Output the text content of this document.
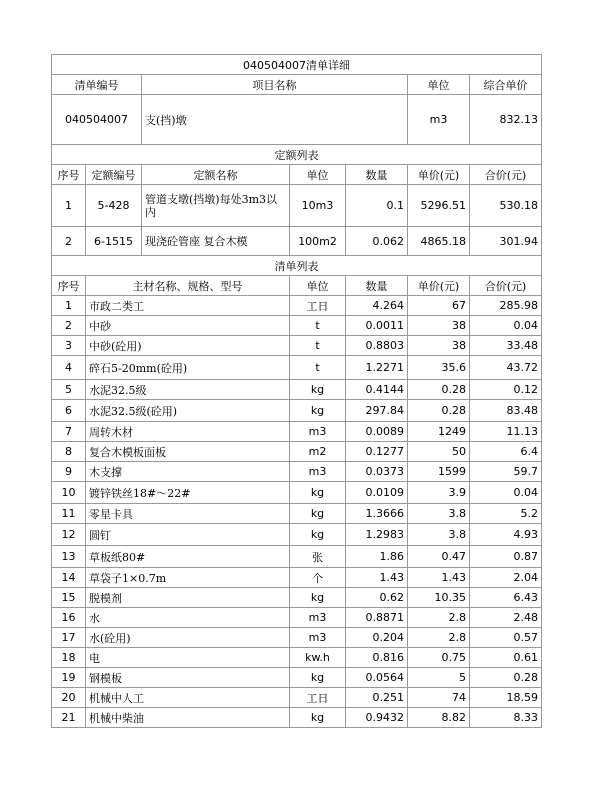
040504007清单详细						
清单编号		项目名称			单位	综合单价
040504007		支(挡)墩			m3	832.13
定额列表						
序号	定额编号	定额名称	单位	数量	单价(元)	合价(元)
1	5-428	管道支墩(挡墩)每处3m3以内	10m3	0.1	5296.51	530.18
2	6-1515	现浇砼管座 复合木模	100m2	0.062	4865.18	301.94
清单列表						
序号	主材名称、规格、型号		单位	数量	单价(元)	合价(元)
1	市政二类工		工日	4.264	67	285.98
2	中砂		t	0.0011	38	0.04
3	中砂(砼用)		t	0.8803	38	33.48
4	碎石5-20mm(砼用)		t	1.2271	35.6	43.72
5	水泥32.5级		kg	0.4144	0.28	0.12
6	水泥32.5级(砼用)		kg	297.84	0.28	83.48
7	周转木材		m3	0.0089	1249	11.13
8	复合木模板面板		m2	0.1277	50	6.4
9	木支撑		m3	0.0373	1599	59.7
10	镀锌铁丝18#～22#		kg	0.0109	3.9	0.04
11	零星卡具		kg	1.3666	3.8	5.2
12	圆钉		kg	1.2983	3.8	4.93
13	草板纸80#		张	1.86	0.47	0.87
14	草袋子1×0.7m		个	1.43	1.43	2.04
15	脱模剂		kg	0.62	10.35	6.43
16	水		m3	0.8871	2.8	2.48
17	水(砼用)		m3	0.204	2.8	0.57
18	电		kw.h	0.816	0.75	0.61
19	钢模板		kg	0.0564	5	0.28
20	机械中人工		工日	0.251	74	18.59
21	机械中柴油		kg	0.9432	8.82	8.33
